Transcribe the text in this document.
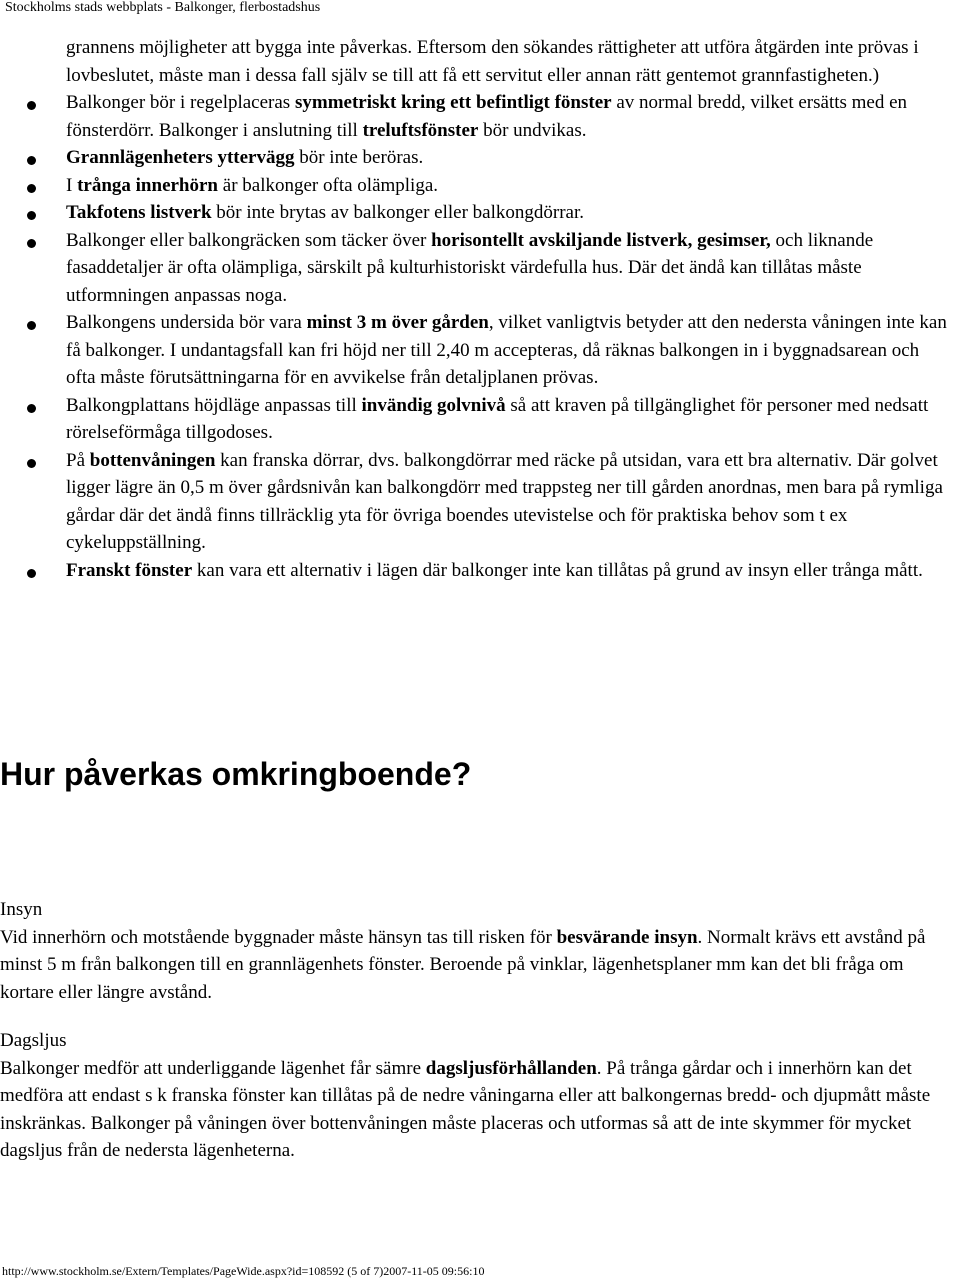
Stockholms stads webbplats - Balkonger, flerbostadshus
grannens möjligheter att bygga inte påverkas. Eftersom den sökandes rättigheter att utföra åtgärden inte prövas i lovbeslutet, måste man i dessa fall själv se till att få ett servitut eller annan rätt gentemot grannfastigheten.)
Balkonger bör i regelplaceras symmetriskt kring ett befintligt fönster av normal bredd, vilket ersätts med en fönsterdörr. Balkonger i anslutning till treluftsfönster bör undvikas.
Grannlägenheters yttervägg bör inte beröras.
I trånga innerhörn är balkonger ofta olämpliga.
Takfotens listverk bör inte brytas av balkonger eller balkongdörrar.
Balkonger eller balkongräcken som täcker över horisontellt avskiljande listverk, gesimser, och liknande fasaddetaljer är ofta olämpliga, särskilt på kulturhistoriskt värdefulla hus. Där det ändå kan tillåtas måste utformningen anpassas noga.
Balkongens undersida bör vara minst 3 m över gården, vilket vanligtvis betyder att den nedersta våningen inte kan få balkonger. I undantagsfall kan fri höjd ner till 2,40 m accepteras, då räknas balkongen in i byggnadsarean och ofta måste förutsättningarna för en avvikelse från detaljplanen prövas.
Balkongplattans höjdläge anpassas till invändig golvnivå så att kraven på tillgänglighet för personer med nedsatt rörelseförmåga tillgodoses.
På bottenvåningen kan franska dörrar, dvs. balkongdörrar med räcke på utsidan, vara ett bra alternativ. Där golvet ligger lägre än 0,5 m över gårdsnivån kan balkongdörr med trappsteg ner till gården anordnas, men bara på rymliga gårdar där det ändå finns tillräcklig yta för övriga boendes utevistelse och för praktiska behov som t ex cykeluppställning.
Franskt fönster kan vara ett alternativ i lägen där balkonger inte kan tillåtas på grund av insyn eller trånga mått.
Hur påverkas omkringboende?
Insyn

Vid innerhörn och motstående byggnader måste hänsyn tas till risken för besvärande insyn. Normalt krävs ett avstånd på minst 5 m från balkongen till en grannlägenhets fönster. Beroende på vinklar, lägenhetsplaner mm kan det bli fråga om kortare eller längre avstånd.

Dagsljus

Balkonger medför att underliggande lägenhet får sämre dagsljusförhållanden. På trånga gårdar och i innerhörn kan det medföra att endast s k franska fönster kan tillåtas på de nedre våningarna eller att balkongernas bredd- och djupmått måste inskränkas. Balkonger på våningen över bottenvåningen måste placeras och utformas så att de inte skymmer för mycket dagsljus från de nedersta lägenheterna.

http://www.stockholm.se/Extern/Templates/PageWide.aspx?id=108592 (5 of 7)2007-11-05 09:56:10
